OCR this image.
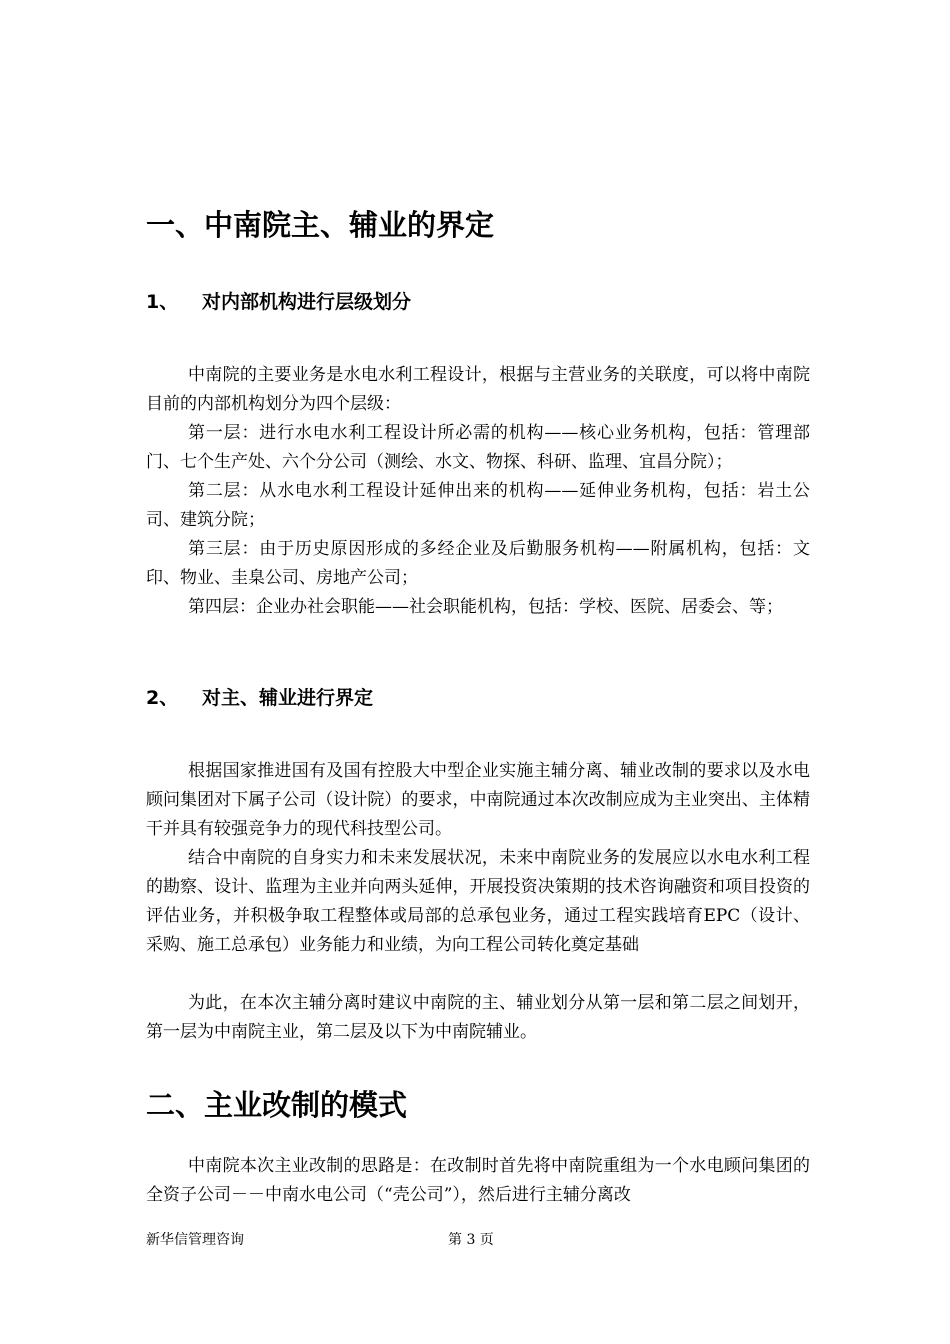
一、中南院主、辅业的界定
1、 对内部机构进行层级划分

中南院的主要业务是水电水利工程设计，根据与主营业务的关联度，可以将中南院目前的内部机构划分为四个层级：

第一层：进行水电水利工程设计所必需的机构——核心业务机构，包括：管理部门、七个生产处、六个分公司（测绘、水文、物探、科研、监理、宜昌分院）；

第二层：从水电水利工程设计延伸出来的机构——延伸业务机构，包括：岩土公司、建筑分院；

第三层：由于历史原因形成的多经企业及后勤服务机构——附属机构，包括：文印、物业、圭臬公司、房地产公司；

第四层：企业办社会职能——社会职能机构，包括：学校、医院、居委会、等；

2、 对主、辅业进行界定

根据国家推进国有及国有控股大中型企业实施主辅分离、辅业改制的要求以及水电顾问集团对下属子公司（设计院）的要求，中南院通过本次改制应成为主业突出、主体精干并具有较强竞争力的现代科技型公司。

结合中南院的自身实力和未来发展状况，未来中南院业务的发展应以水电水利工程的勘察、设计、监理为主业并向两头延伸，开展投资决策期的技术咨询融资和项目投资的评估业务，并积极争取工程整体或局部的总承包业务，通过工程实践培育EPC（设计、采购、施工总承包）业务能力和业绩，为向工程公司转化奠定基础

为此，在本次主辅分离时建议中南院的主、辅业划分从第一层和第二层之间划开，第一层为中南院主业，第二层及以下为中南院辅业。

二、主业改制的模式

中南院本次主业改制的思路是：在改制时首先将中南院重组为一个水电顾问集团的全资子公司－－中南水电公司（“壳公司”），然后进行主辅分离改

新华信管理咨询	第 3 页
